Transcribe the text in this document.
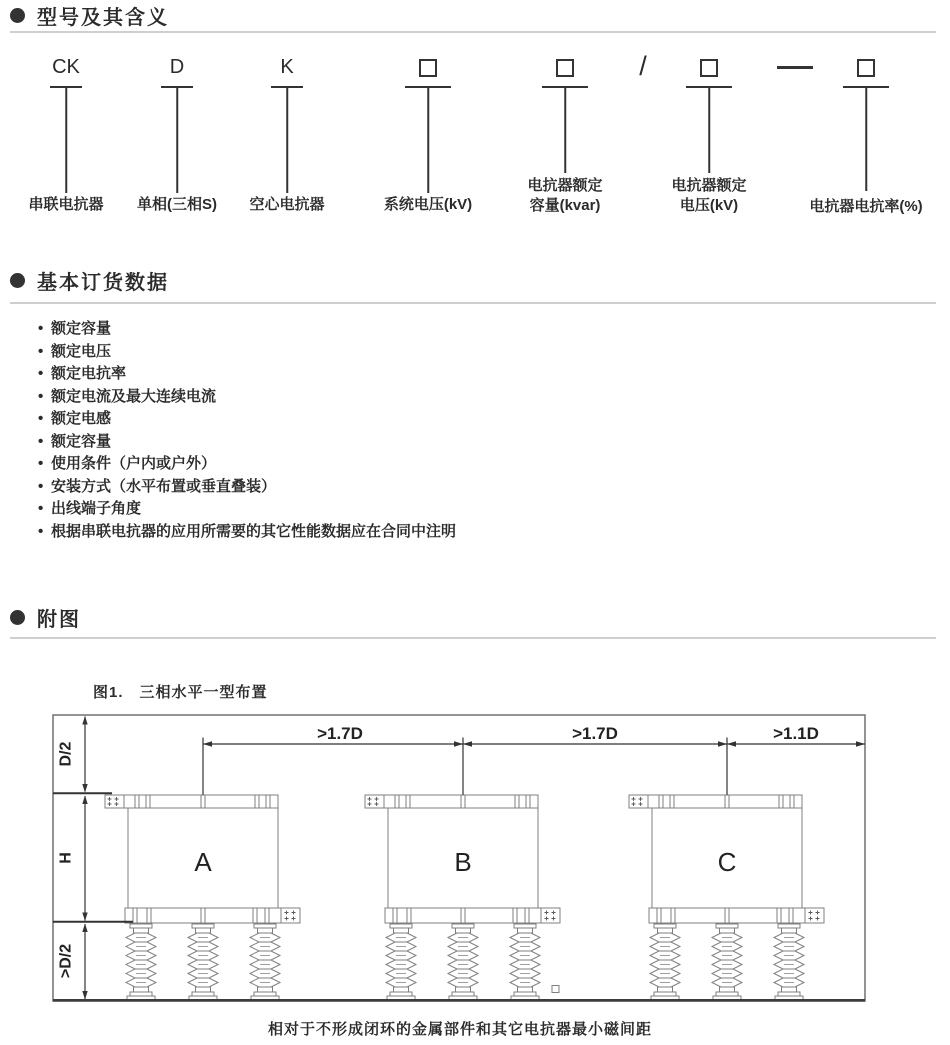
型号及其含义
CK
串联电抗器
D
单相(三相S)
K
空心电抗器	系统电压(kV)
电抗器额定
容量(kvar)
/
电抗器额定
电压(kV)	电抗器电抗率(%)
基本订货数据
• 额定容量
• 额定电压
• 额定电抗率
• 额定电流及最大连续电流
• 额定电感
• 额定容量
• 使用条件（户内或户外）
• 安装方式（水平布置或垂直叠装）
• 出线端子角度
• 根据串联电抗器的应用所需要的其它性能数据应在合同中注明
附图
图1.　三相水平一型布置
>1.7D	>1.7D	>1.1D
D/2
H
>D/2
A	B	C
相对于不形成闭环的金属部件和其它电抗器最小磁间距
